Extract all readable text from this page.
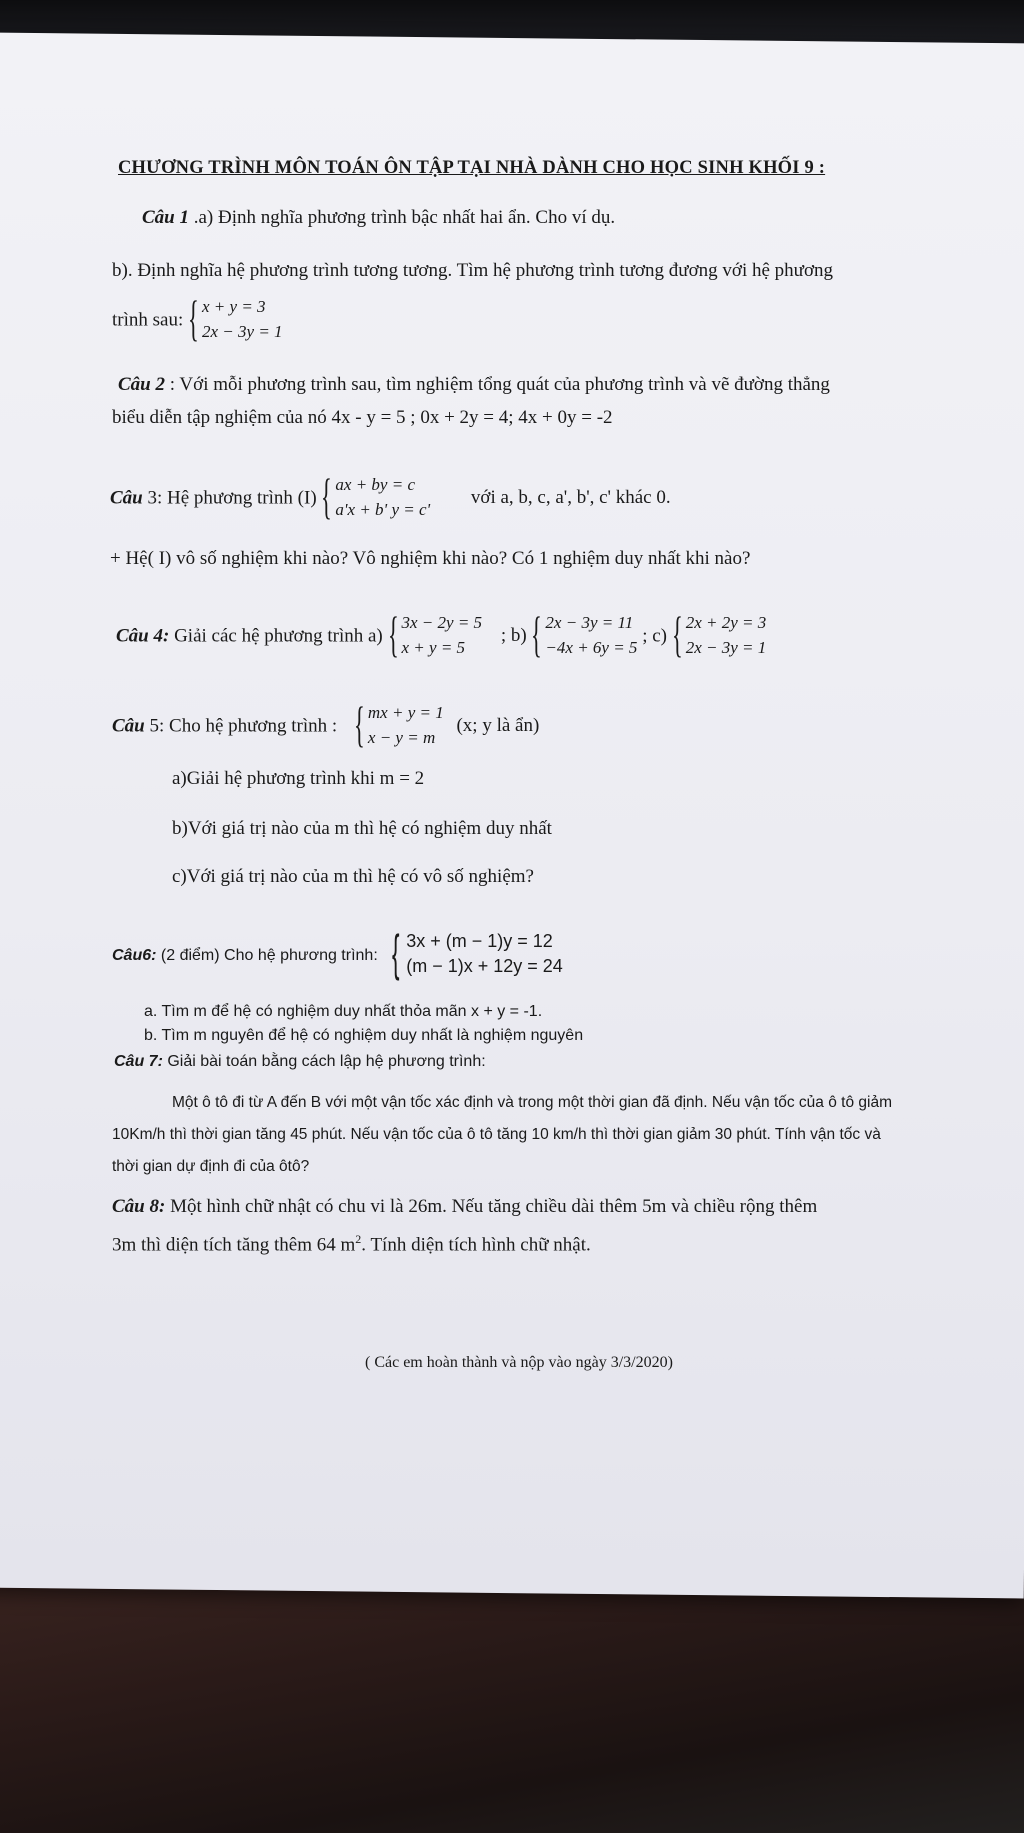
CHƯƠNG TRÌNH MÔN TOÁN ÔN TẬP TẠI NHÀ DÀNH CHO HỌC SINH KHỐI 9 :
Câu 1 .a) Định nghĩa phương trình bậc nhất hai ẩn. Cho ví dụ.
b). Định nghĩa hệ phương trình tương tương. Tìm hệ phương trình tương đương với hệ phương
trình sau: { x + y = 3
2x − 3y = 1
Câu 2 : Với mỗi phương trình sau, tìm nghiệm tổng quát của phương trình và vẽ đường thẳng
biểu diễn tập nghiệm của nó 4x - y = 5 ; 0x + 2y = 4; 4x + 0y = -2
Câu 3: Hệ phương trình (I) { ax + by = c
a'x + b' y = c'
với a, b, c, a', b', c' khác 0.
+ Hệ( I) vô số nghiệm khi nào? Vô nghiệm khi nào? Có 1 nghiệm duy nhất khi nào?
Câu 4: Giải các hệ phương trình a) { 3x − 2y = 5
x + y = 5
; b) { 2x − 3y = 11
−4x + 6y = 5
; c) { 2x + 2y = 3
2x − 3y = 1
Câu 5: Cho hệ phương trình : { mx + y = 1
x − y = m
(x; y là ẩn)
a)Giải hệ phương trình khi m = 2
b)Với giá trị nào của m thì hệ có nghiệm duy nhất
c)Với giá trị nào của m thì hệ có vô số nghiệm?
Câu6: (2 điểm) Cho hệ phương trình: { 3x + (m − 1)y = 12
(m − 1)x + 12y = 24
a. Tìm m để hệ có nghiệm duy nhất thỏa mãn x + y = -1.
b. Tìm m nguyên để hệ có nghiệm duy nhất là nghiệm nguyên
Câu 7: Giải bài toán bằng cách lập hệ phương trình:
Một ô tô đi từ A đến B với một vận tốc xác định và trong một thời gian đã định. Nếu vận tốc của ô tô giảm
10Km/h thì thời gian tăng 45 phút. Nếu vận tốc của ô tô tăng 10 km/h thì thời gian giảm 30 phút. Tính vận tốc và
thời gian dự định đi của ôtô?
Câu 8: Một hình chữ nhật có chu vi là 26m. Nếu tăng chiều dài thêm 5m và chiều rộng thêm
3m thì diện tích tăng thêm 64 $m^2$. Tính diện tích hình chữ nhật.
( Các em hoàn thành và nộp vào ngày 3/3/2020)
